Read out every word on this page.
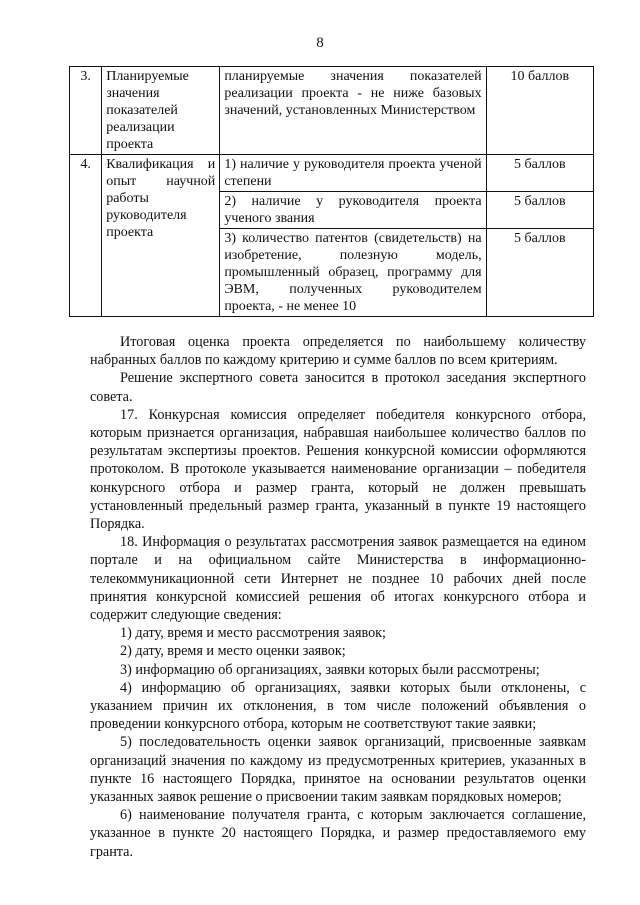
8
3.	Планируемые значения показателей реализации проекта	планируемые значения показателей реализации проекта - не ниже базовых значений, установленных Министерством	10 баллов
4.	Квалификация и опыт научной работы руководителя проекта	1) наличие у руководителя проекта ученой степени	5 баллов
		2) наличие у руководителя проекта ученого звания	5 баллов
		3) количество патентов (свидетельств) на изобретение, полезную модель, промышленный образец, программу для ЭВМ, полученных руководителем проекта, - не менее 10	5 баллов

Итоговая оценка проекта определяется по наибольшему количеству набранных баллов по каждому критерию и сумме баллов по всем критериям.

Решение экспертного совета заносится в протокол заседания экспертного совета.

17. Конкурсная комиссия определяет победителя конкурсного отбора, которым признается организация, набравшая наибольшее количество баллов по результатам экспертизы проектов. Решения конкурсной комиссии оформляются протоколом. В протоколе указывается наименование организации – победителя конкурсного отбора и размер гранта, который не должен превышать установленный предельный размер гранта, указанный в пункте 19 настоящего Порядка.

18. Информация о результатах рассмотрения заявок размещается на едином портале и на официальном сайте Министерства в информационно-телекоммуникационной сети Интернет не позднее 10 рабочих дней после принятия конкурсной комиссией решения об итогах конкурсного отбора и содержит следующие сведения:

1) дату, время и место рассмотрения заявок;

2) дату, время и место оценки заявок;

3) информацию об организациях, заявки которых были рассмотрены;

4) информацию об организациях, заявки которых были отклонены, с указанием причин их отклонения, в том числе положений объявления о проведении конкурсного отбора, которым не соответствуют такие заявки;

5) последовательность оценки заявок организаций, присвоенные заявкам организаций значения по каждому из предусмотренных критериев, указанных в пункте 16 настоящего Порядка, принятое на основании результатов оценки указанных заявок решение о присвоении таким заявкам порядковых номеров;

6) наименование получателя гранта, с которым заключается соглашение, указанное в пункте 20 настоящего Порядка, и размер предоставляемого ему гранта.
